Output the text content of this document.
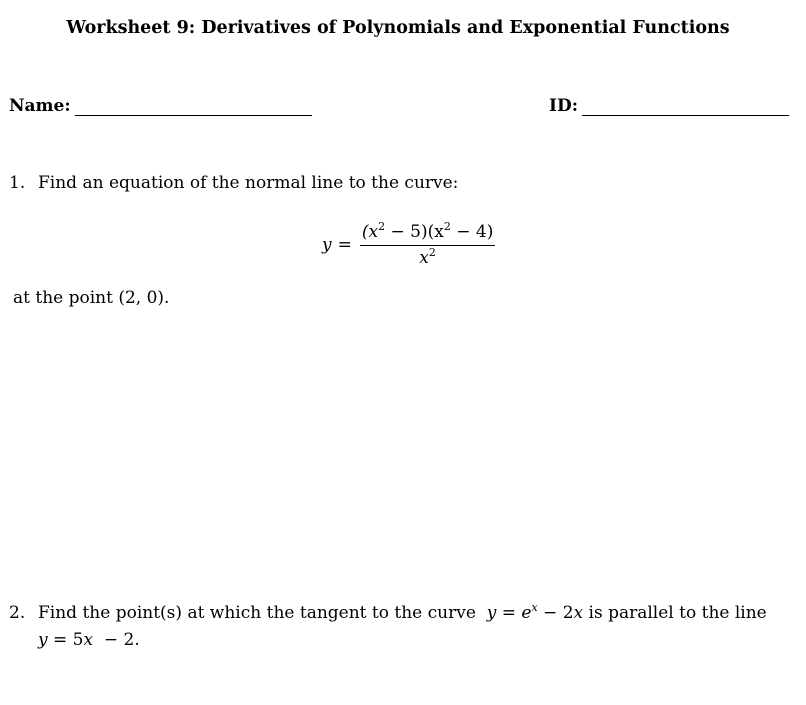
Worksheet 9: Derivatives of Polynomials and Exponential Functions
Name:	ID:
1. Find an equation of the normal line to the curve:
$y = \frac{(x^2 - 5)(x^2 - 4)}{x^2}$
at the point (2, 0).
2. Find the point(s) at which the tangent to the curve $y = e^x - 2x$ is parallel to the line
y = 5x  − 2.
